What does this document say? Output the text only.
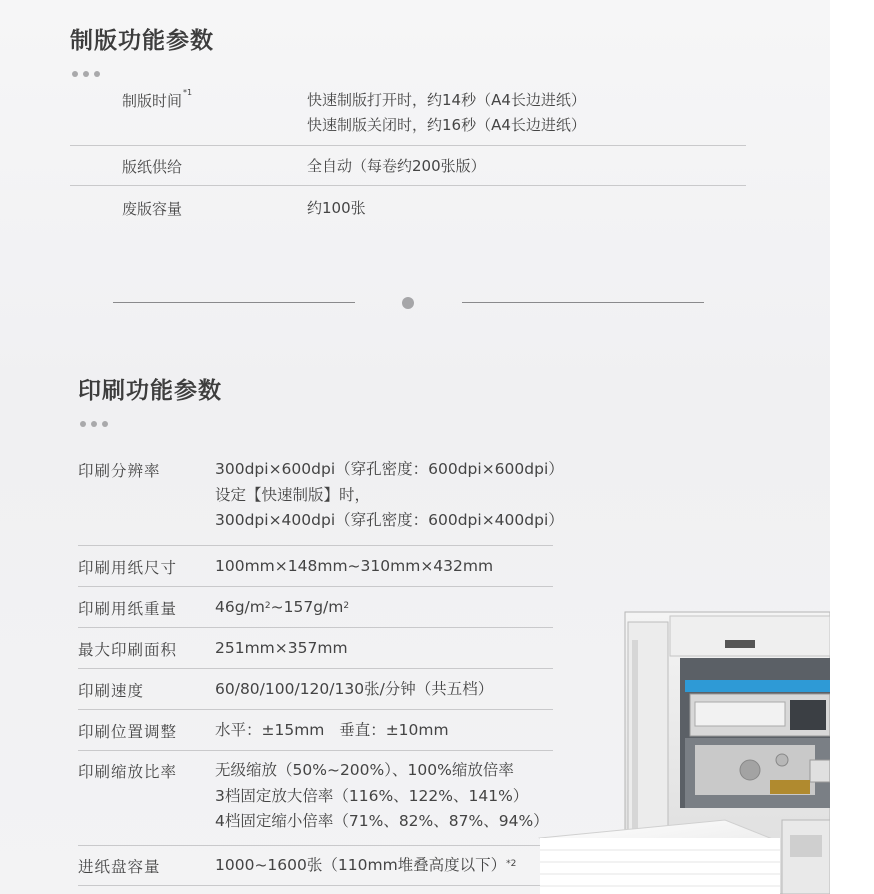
制版功能参数
制版时间$^{*1}$	快速制版打开时，约14秒（A4长边进纸）
快速制版关闭时，约16秒（A4长边进纸）
版纸供给	全自动（每卷约200张版）
废版容量	约100张
印刷功能参数
印刷分辨率	300dpi×600dpi（穿孔密度：600dpi×600dpi）
设定【快速制版】时，
300dpi×400dpi（穿孔密度：600dpi×400dpi）
印刷用纸尺寸 100mm×148mm~310mm×432mm
印刷用纸重量 $46g/m^2\sim 157g/m^2$
最大印刷面积 251mm×357mm
印刷速度	60/80/100/120/130张/分钟（共五档）
印刷位置调整 水平：±15mm   垂直：±10mm
印刷缩放比率 无级缩放（50%~200%）、100%缩放倍率
3档固定放大倍率（116%、122%、141%）
4档固定缩小倍率（71%、82%、87%、94%）
进纸盘容量	1000~1600张（110mm堆叠高度以下）$^{*2}$
